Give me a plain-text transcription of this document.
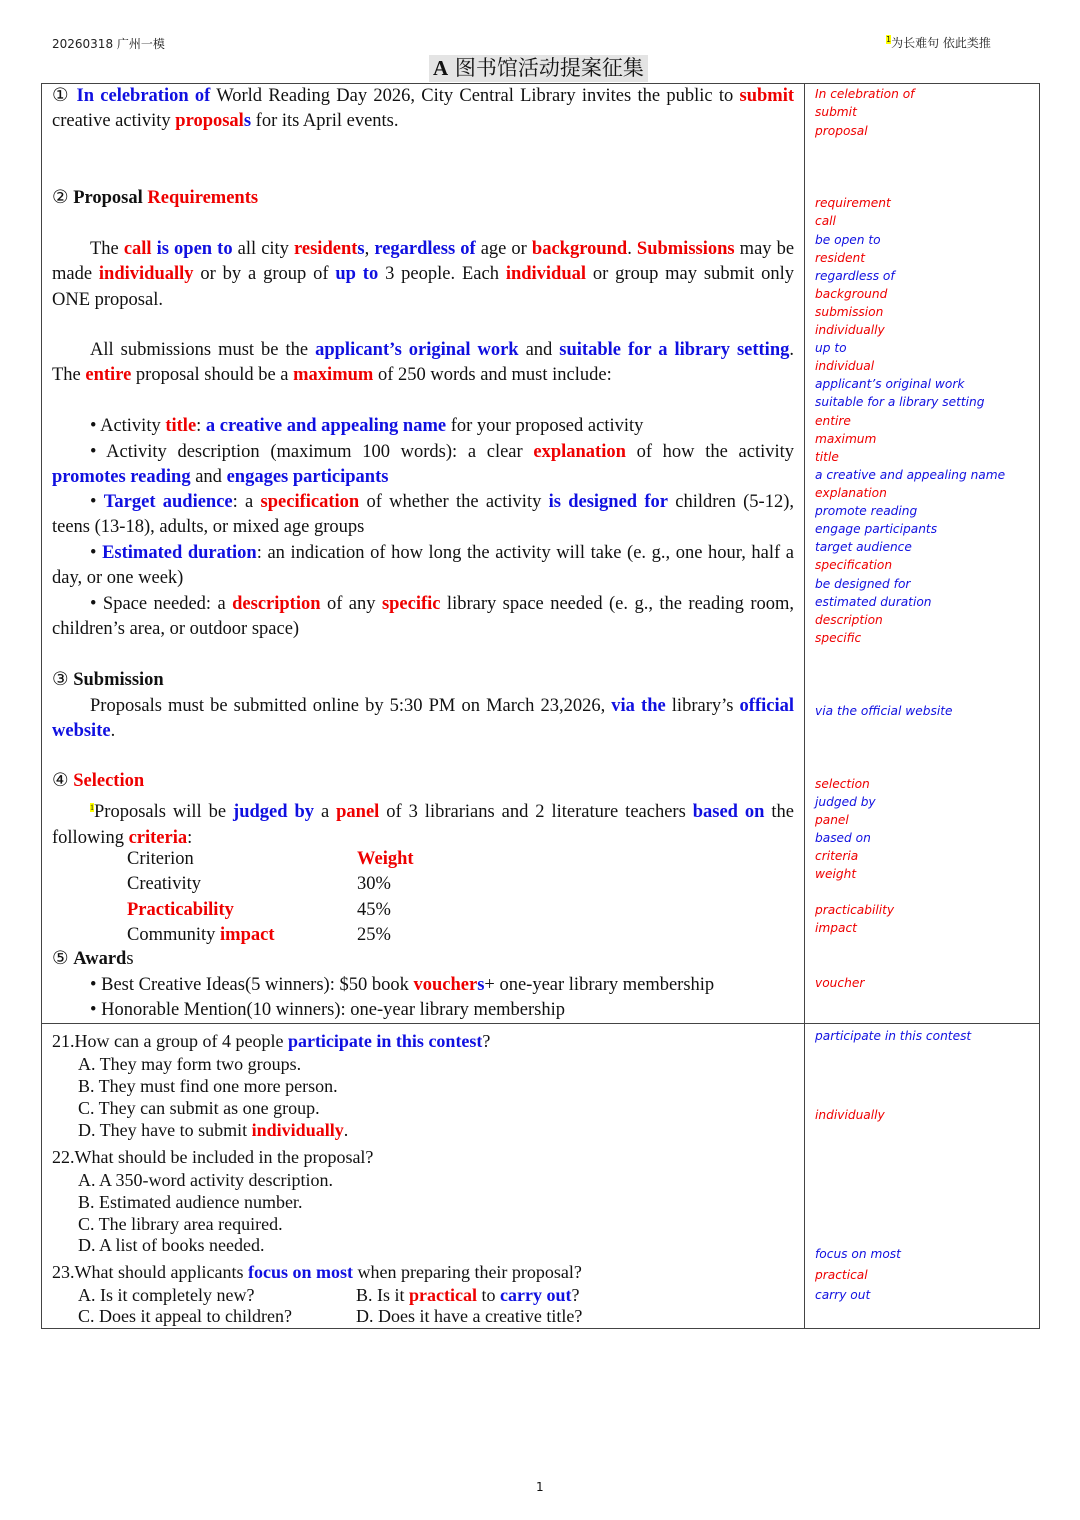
20260318 广州一模	$^1$为长难句 依此类推
A 图书馆活动提案征集
① In celebration of World Reading Day 2026, City Central Library invites the public to submit creative activity proposals for its April events.
② Proposal Requirements
The call is open to all city residents, regardless of age or background. Submissions may be made individually or by a group of up to 3 people. Each individual or group may submit only ONE proposal.
All submissions must be the applicant’s original work and suitable for a library setting. The entire proposal should be a maximum of 250 words and must include:
• Activity title: a creative and appealing name for your proposed activity
• Activity description (maximum 100 words): a clear explanation of how the activity promotes reading and engages participants
• Target audience: a specification of whether the activity is designed for children (5-12), teens (13-18), adults, or mixed age groups
• Estimated duration: an indication of how long the activity will take (e. g., one hour, half a day, or one week)
• Space needed: a description of any specific library space needed (e. g., the reading room, children’s area, or outdoor space)
③ Submission
Proposals must be submitted online by 5:30 PM on March 23,2026, via the library’s official website.
④ Selection
$^1$Proposals will be judged by a panel of 3 librarians and 2 literature teachers based on the following criteria:
⑤ Awards
• Best Creative Ideas(5 winners): $50 book vouchers+ one-year library membership
• Honorable Mention(10 winners): one-year library membership
Criterion	Weight
Creativity	30%
Practicability	45%
Community impact	25%
21.How can a group of 4 people participate in this contest?
A. They may form two groups.
B. They must find one more person.
C. They can submit as one group.
D. They have to submit individually.
22.What should be included in the proposal?
A. A 350-word activity description.
B. Estimated audience number.
C. The library area required.
D. A list of books needed.
23.What should applicants focus on most when preparing their proposal?
A. Is it completely new?	B. Is it practical to carry out?
C. Does it appeal to children?	D. Does it have a creative title?
In celebration of
submit
proposal
requirement
call
be open to
resident
regardless of
background
submission
individually
up to
individual
applicant’s original work
suitable for a library setting
entire
maximum
title
a creative and appealing name
explanation
promote reading
engage participants
target audience
specification
be designed for
estimated duration
description
specific
via the official website
selection
judged by
panel
based on
criteria
weight
practicability
impact
voucher
participate in this contest
individually
focus on most
practical
carry out
1
